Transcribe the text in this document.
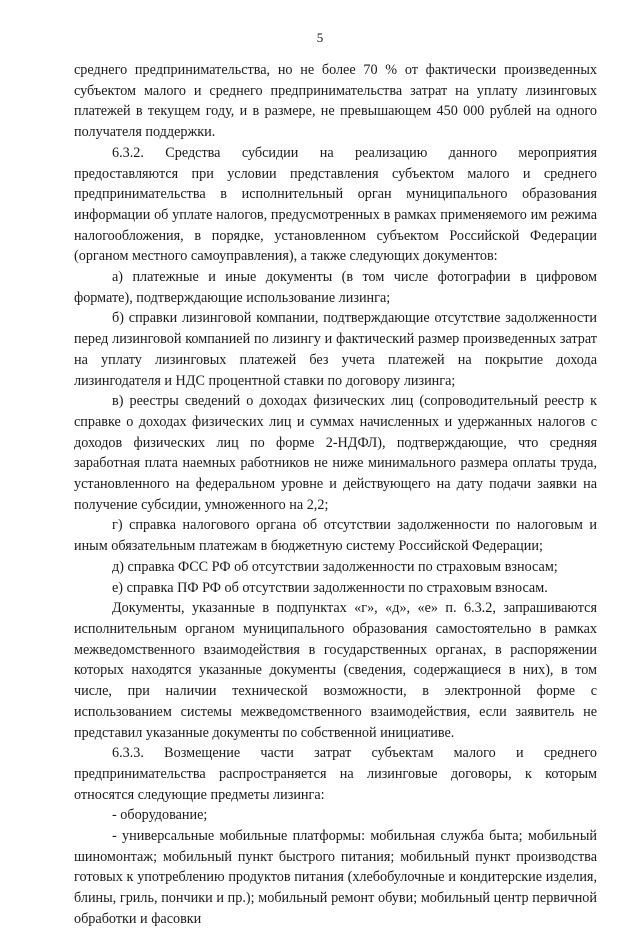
5

среднего предпринимательства, но не более 70 % от фактически произведенных субъектом малого и среднего предпринимательства затрат на уплату лизинговых платежей в текущем году, и в размере, не превышающем 450 000 рублей на одного получателя поддержки.

6.3.2. Средства субсидии на реализацию данного мероприятия предоставляются при условии представления субъектом малого и среднего предпринимательства в исполнительный орган муниципального образования информации об уплате налогов, предусмотренных в рамках применяемого им режима налогообложения, в порядке, установленном субъектом Российской Федерации (органом местного самоуправления), а также следующих документов:

а) платежные и иные документы (в том числе фотографии в цифровом формате), подтверждающие использование лизинга;

б) справки лизинговой компании, подтверждающие отсутствие задолженности перед лизинговой компанией по лизингу и фактический размер произведенных затрат на уплату лизинговых платежей без учета платежей на покрытие дохода лизингодателя и НДС процентной ставки по договору лизинга;

в) реестры сведений о доходах физических лиц (сопроводительный реестр к справке о доходах физических лиц и суммах начисленных и удержанных налогов с доходов физических лиц по форме 2-НДФЛ), подтверждающие, что средняя заработная плата наемных работников не ниже минимального размера оплаты труда, установленного на федеральном уровне и действующего на дату подачи заявки на получение субсидии, умноженного на 2,2;

г) справка налогового органа об отсутствии задолженности по налоговым и иным обязательным платежам в бюджетную систему Российской Федерации;

д) справка ФСС РФ об отсутствии задолженности по страховым взносам;

е) справка ПФ РФ об отсутствии задолженности по страховым взносам.

Документы, указанные в подпунктах «г», «д», «е» п. 6.3.2, запрашиваются исполнительным органом муниципального образования самостоятельно в рамках межведомственного взаимодействия в государственных органах, в распоряжении которых находятся указанные документы (сведения, содержащиеся в них), в том числе, при наличии технической возможности, в электронной форме с использованием системы межведомственного взаимодействия, если заявитель не представил указанные документы по собственной инициативе.

6.3.3. Возмещение части затрат субъектам малого и среднего предпринимательства распространяется на лизинговые договоры, к которым относятся следующие предметы лизинга:

- оборудование;

- универсальные мобильные платформы: мобильная служба быта; мобильный шиномонтаж; мобильный пункт быстрого питания; мобильный пункт производства готовых к употреблению продуктов питания (хлебобулочные и кондитерские изделия, блины, гриль, пончики и пр.); мобильный ремонт обуви; мобильный центр первичной обработки и фасовки
